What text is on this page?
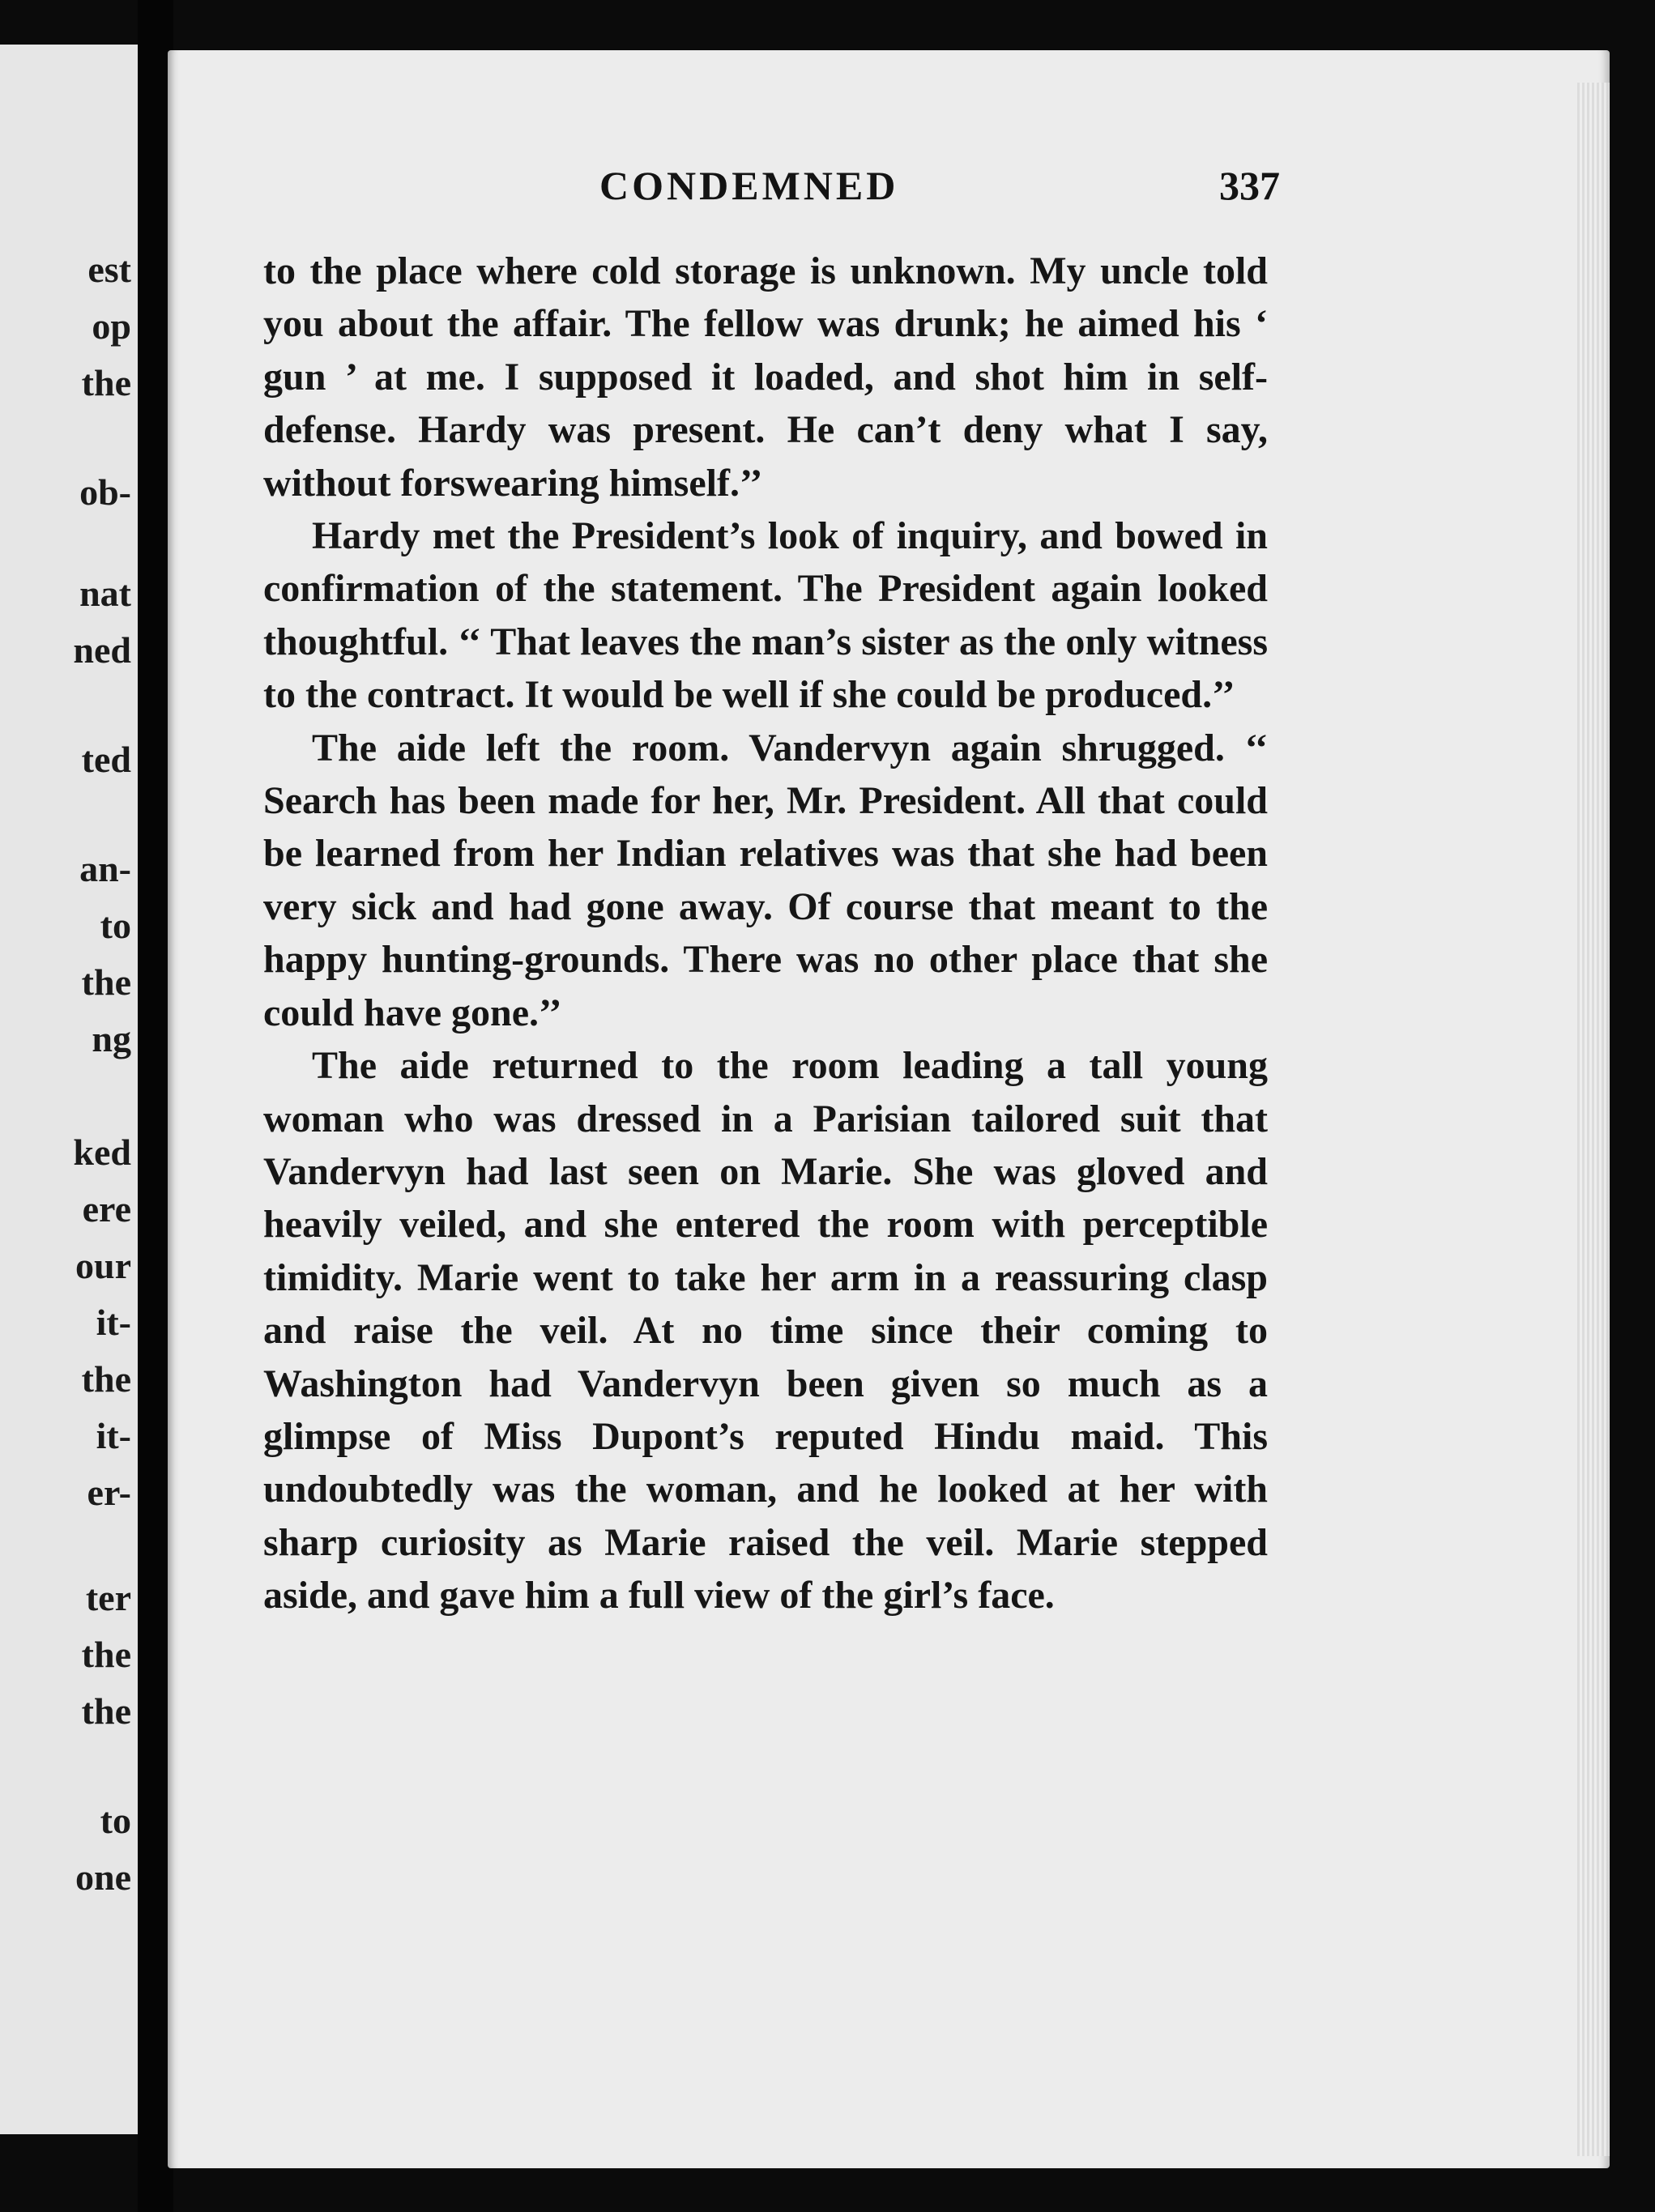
est
op
the
ob-
nat
ned
ted
an-
to
the
ng
ked
ere
our
it-
the
it-
er-
ter
the
the
to
one
CONDEMNED	337

to the place where cold storage is unknown. My uncle told you about the affair. The fellow was drunk; he aimed his ‘ gun ’ at me. I supposed it loaded, and shot him in self-defense. Hardy was present. He can’t deny what I say, without forswearing himself.’’

Hardy met the President’s look of inquiry, and bowed in confirmation of the statement. The President again looked thoughtful. ‘‘ That leaves the man’s sister as the only witness to the contract. It would be well if she could be produced.’’

The aide left the room. Vandervyn again shrugged. ‘‘ Search has been made for her, Mr. President. All that could be learned from her Indian relatives was that she had been very sick and had gone away. Of course that meant to the happy hunting-grounds. There was no other place that she could have gone.’’

The aide returned to the room leading a tall young woman who was dressed in a Parisian tailored suit that Vandervyn had last seen on Marie. She was gloved and heavily veiled, and she entered the room with perceptible timidity. Marie went to take her arm in a reassuring clasp and raise the veil. At no time since their coming to Washington had Vandervyn been given so much as a glimpse of Miss Dupont’s reputed Hindu maid. This undoubtedly was the woman, and he looked at her with sharp curiosity as Marie raised the veil. Marie stepped aside, and gave him a full view of the girl’s face.
